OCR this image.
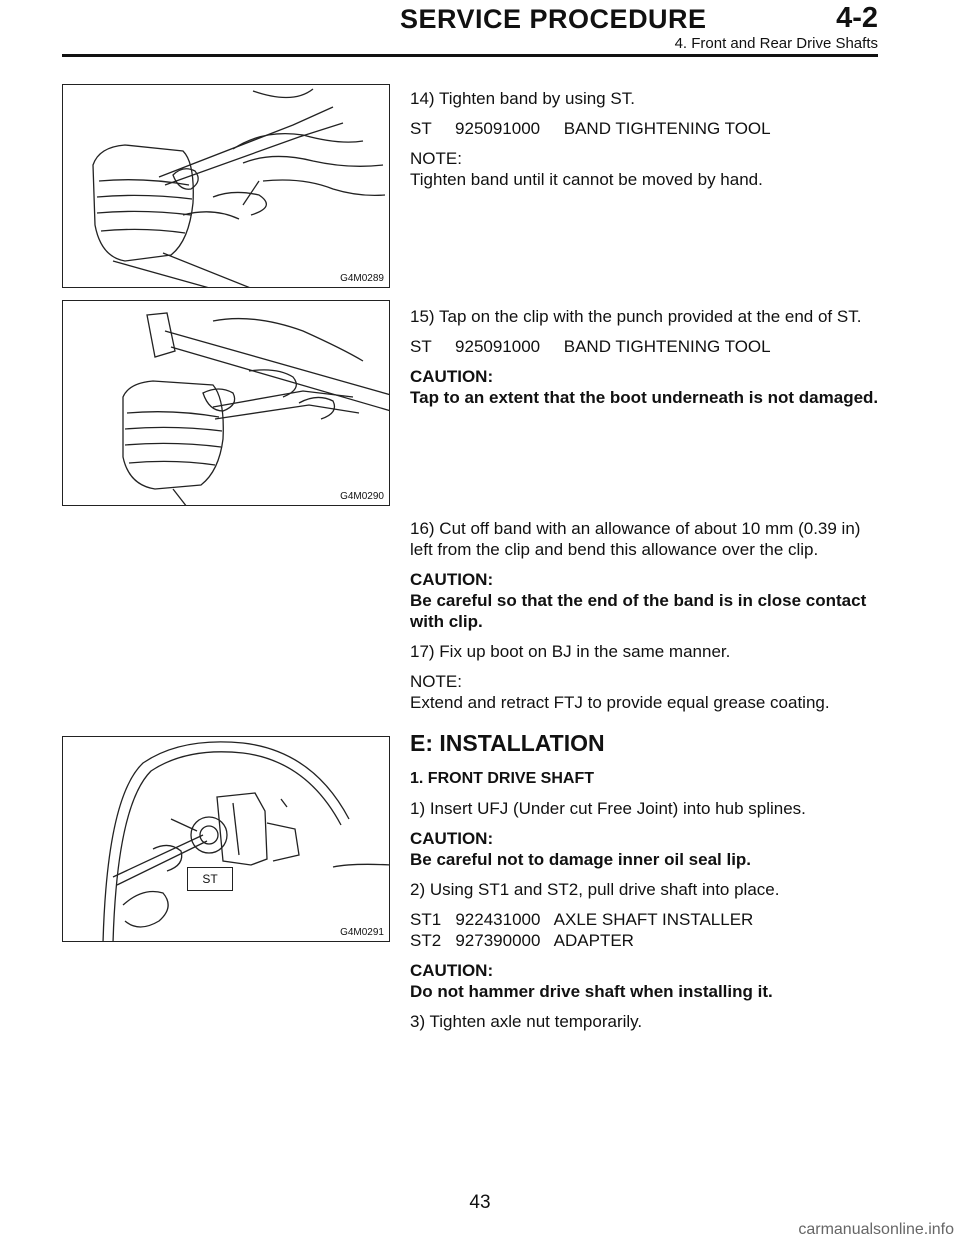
SERVICE PROCEDURE	4-2
4. Front and Rear Drive Shafts
G4M0289
G4M0290
ST
G4M0291

14) Tighten band by using ST.

ST     925091000     BAND TIGHTENING TOOL

NOTE:

Tighten band until it cannot be moved by hand.

15) Tap on the clip with the punch provided at the end of ST.

ST     925091000     BAND TIGHTENING TOOL

CAUTION:

Tap to an extent that the boot underneath is not damaged.

16) Cut off band with an allowance of about 10 mm (0.39 in) left from the clip and bend this allowance over the clip.

CAUTION:

Be careful so that the end of the band is in close contact with clip.

17) Fix up boot on BJ in the same manner.

NOTE:

Extend and retract FTJ to provide equal grease coating.

E: INSTALLATION

1. FRONT DRIVE SHAFT

1) Insert UFJ (Under cut Free Joint) into hub splines.

CAUTION:

Be careful not to damage inner oil seal lip.

2) Using ST1 and ST2, pull drive shaft into place.

ST1   922431000   AXLE SHAFT INSTALLER

ST2   927390000   ADAPTER

CAUTION:

Do not hammer drive shaft when installing it.

3) Tighten axle nut temporarily.

43
carmanualsonline.info
